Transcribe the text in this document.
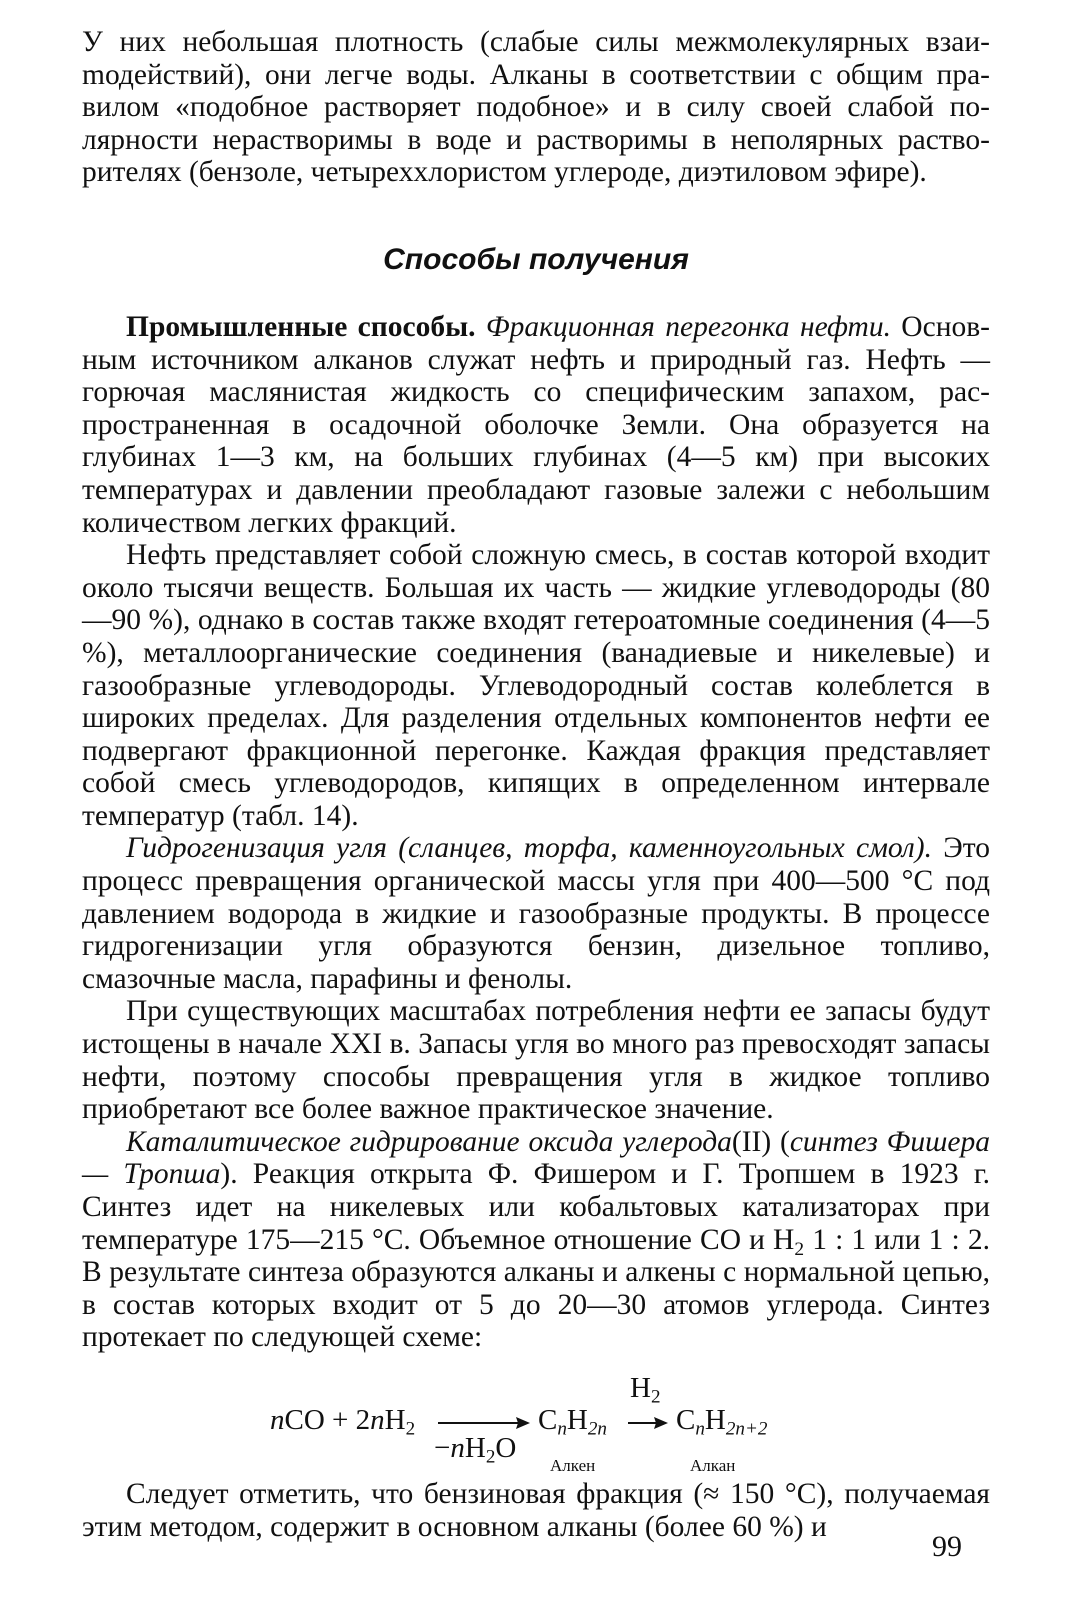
У них небольшая плотность (слабые силы межмолекулярных взаиmодействий), они легче воды. Алканы в соответствии с общим правилом «подобное растворяет подобное» и в силу своей слабой полярности нерастворимы в воде и растворимы в неполярных растворителях (бензоле, четыреххлористом углероде, диэтиловом эфире).

Способы получения

Промышленные способы. Фракционная перегонка нефти. Основным источником алканов служат нефть и природный газ. Нефть — горючая маслянистая жидкость со специфическим запахом, распространенная в осадочной оболочке Земли. Она образуется на глубинах 1—3 км, на больших глубинах (4—5 км) при высоких температурах и давлении преобладают газовые залежи с небольшим количеством легких фракций.

Нефть представляет собой сложную смесь, в состав которой входит около тысячи веществ. Большая их часть — жидкие углеводороды (80—90 %), однако в состав также входят гетероатомные соединения (4—5 %), металлоорганические соединения (ванадиевые и никелевые) и газообразные углеводороды. Углеводородный состав колеблется в широких пределах. Для разделения отдельных компонентов нефти ее подвергают фракционной перегонке. Каждая фракция представляет собой смесь углеводородов, кипящих в определенном интервале температур (табл. 14).

Гидрогенизация угля (сланцев, торфа, каменноугольных смол). Это процесс превращения органической массы угля при 400—500 °С под давлением водорода в жидкие и газообразные продукты. В процессе гидрогенизации угля образуются бензин, дизельное топливо, смазочные масла, парафины и фенолы.

При существующих масштабах потребления нефти ее запасы будут истощены в начале XXI в. Запасы угля во много раз превосходят запасы нефти, поэтому способы превращения угля в жидкое топливо приобретают все более важное практическое значение.

Каталитическое гидрирование оксида углерода(II) (синтез Фишера — Тропша). Реакция открыта Ф. Фишером и Г. Тропшем в 1923 г. Синтез идет на никелевых или кобальтовых катализаторах при температуре 175—215 °С. Объемное отношение СО и $Н_2$ 1 : 1 или 1 : 2. В результате синтеза образуются алканы и алкены с нормальной цепью, в состав которых входит от 5 до 20—30 атомов углерода. Синтез протекает по следующей схеме:

nCO + $2nH_2$ →
$-nH_2O$
$C_nH_{2n}$
Алкен
$H_2$
→ $C_nH_{2n+2}$
Алкан

Следует отметить, что бензиновая фракция (≈ 150 °С), получаемая этим методом, содержит в основном алканы (более 60 %) и

99
